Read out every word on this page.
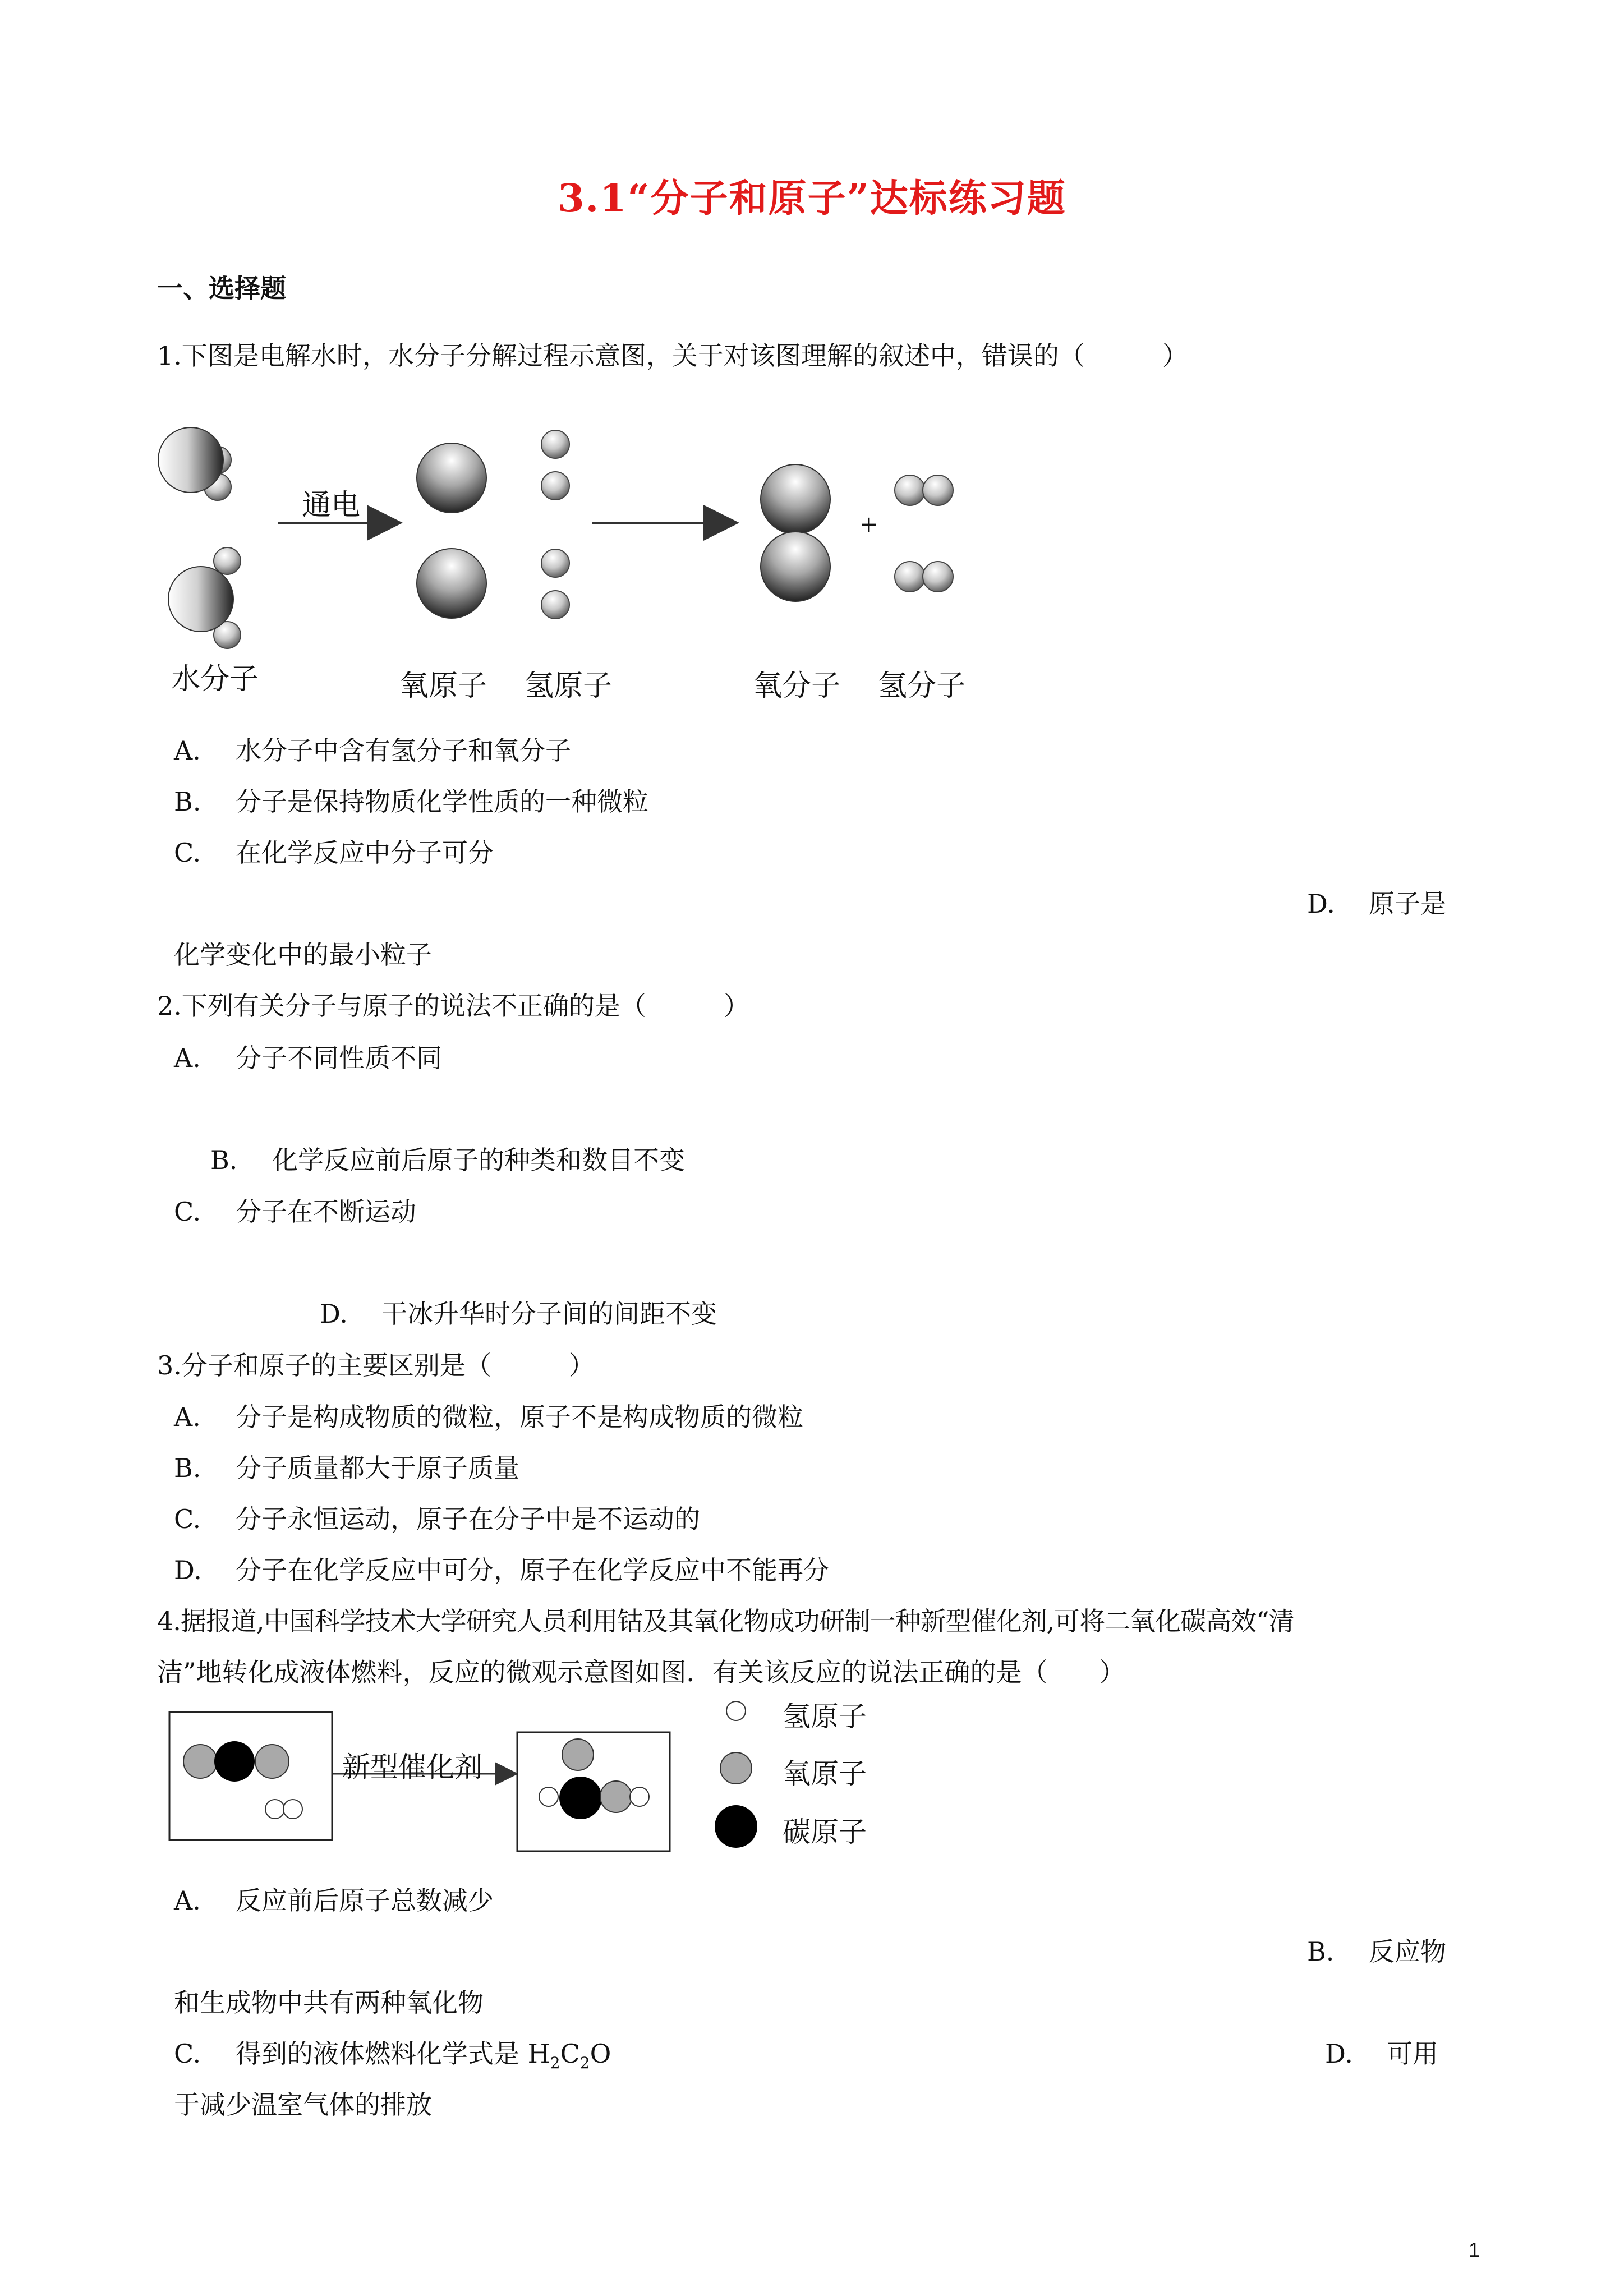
3.1“分子和原子”达标练习题
一、选择题
1.下图是电解水时，水分子分解过程示意图，关于对该图理解的叙述中，错误的（　　　）
通电
+
水分子	氧原子 氢原子	氧分子 氢分子
A. 水分子中含有氢分子和氧分子
B. 分子是保持物质化学性质的一种微粒
C. 在化学反应中分子可分
D. 原子是
化学变化中的最小粒子
2.下列有关分子与原子的说法不正确的是（　　　）
A. 分子不同性质不同
B. 化学反应前后原子的种类和数目不变
C. 分子在不断运动
D. 干冰升华时分子间的间距不变
3.分子和原子的主要区别是（　　　）
A. 分子是构成物质的微粒，原子不是构成物质的微粒
B. 分子质量都大于原子质量
C. 分子永恒运动，原子在分子中是不运动的
D. 分子在化学反应中可分，原子在化学反应中不能再分
4.据报道,中国科学技术大学研究人员利用钴及其氧化物成功研制一种新型催化剂,可将二氧化碳高效“清
洁”地转化成液体燃料，反应的微观示意图如图．有关该反应的说法正确的是（　　）
新型催化剂
氢原子
氧原子
碳原子
A. 反应前后原子总数减少
B. 反应物
和生成物中共有两种氧化物
C. 得到的液体燃料化学式是 $H_2C_2O$	D. 可用
于减少温室气体的排放
1
